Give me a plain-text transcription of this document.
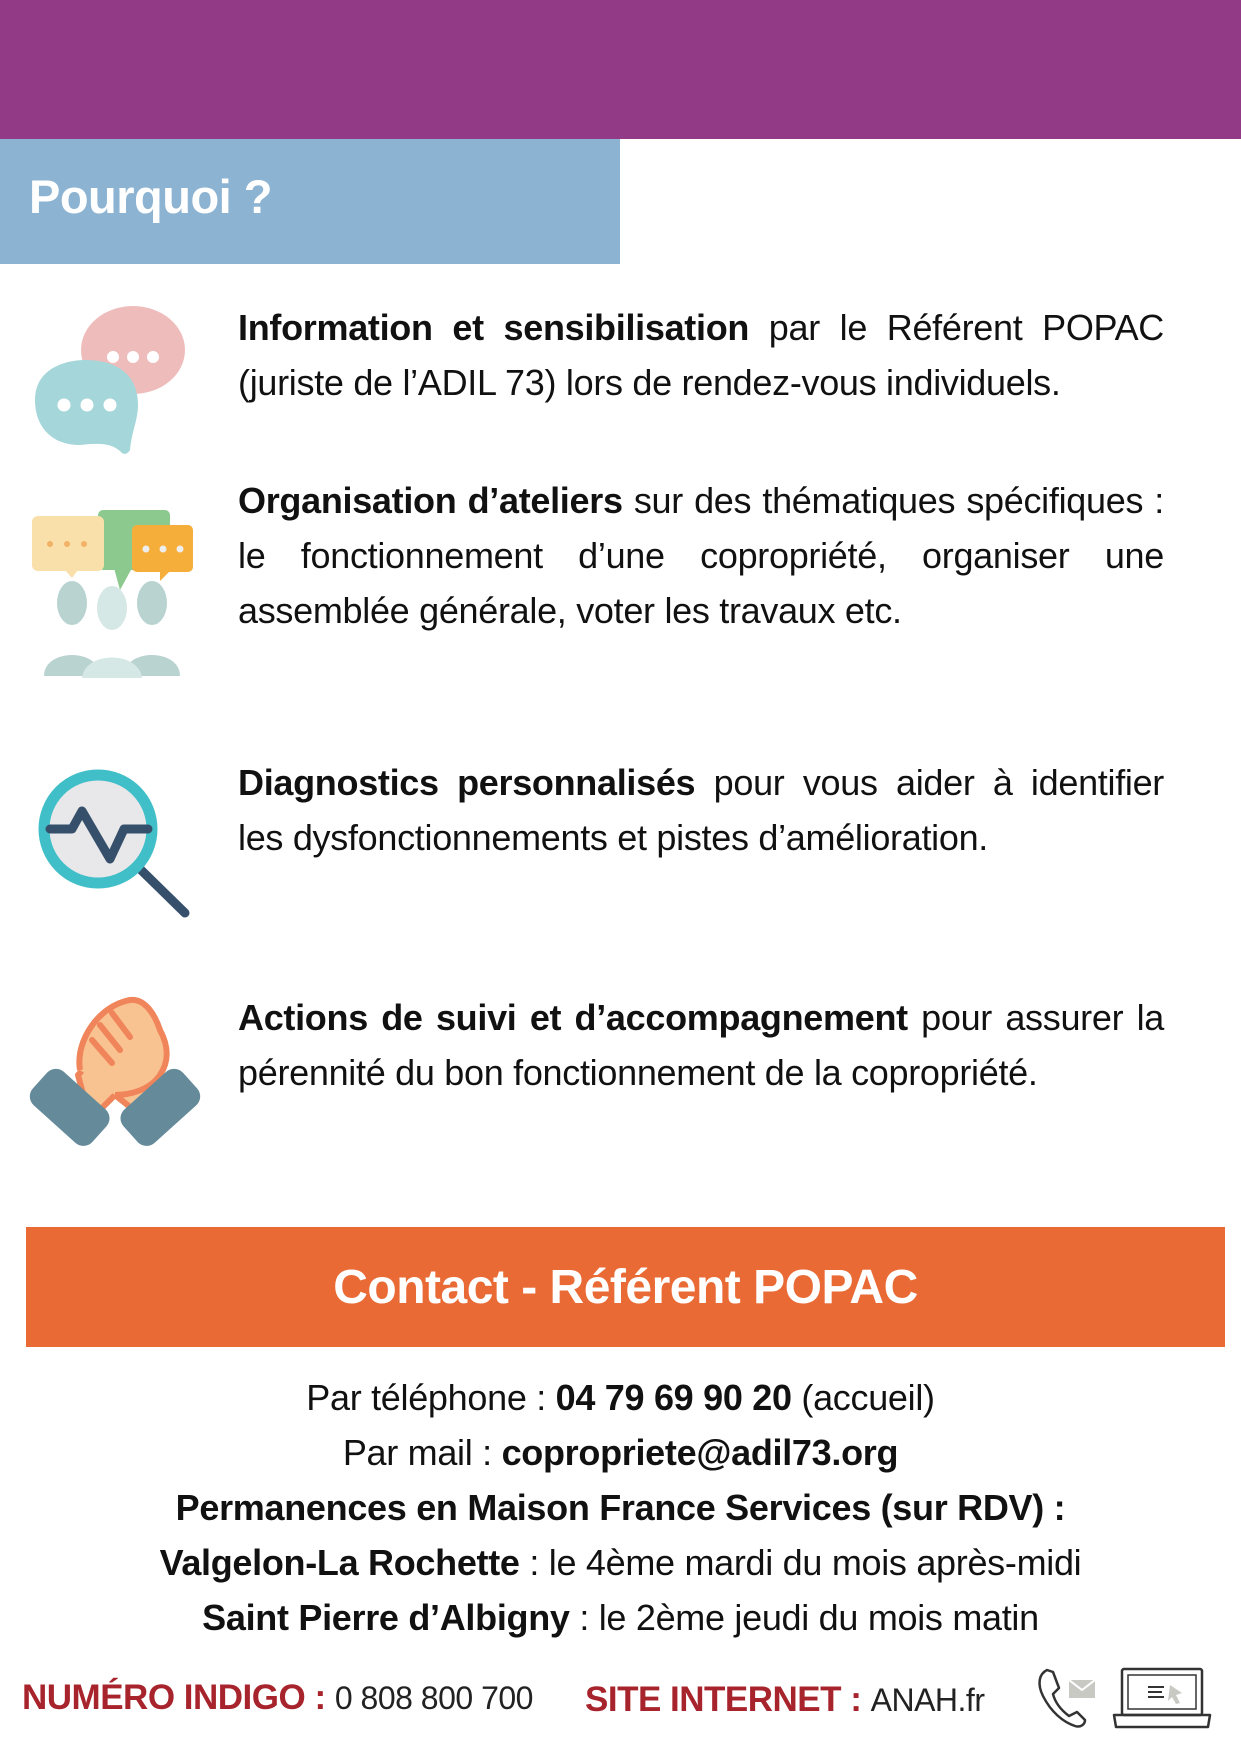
Pourquoi ?
Information et sensibilisation par le Référent POPAC (juriste de l’ADIL 73) lors de rendez-vous individuels.
Organisation d’ateliers sur des thématiques spécifiques : le fonctionnement d’une copropriété, organiser une assemblée générale, voter les travaux etc.
Diagnostics personnalisés pour vous aider à identifier les dysfonctionnements et pistes d’amélioration.
Actions de suivi et d’accompagnement pour assurer la pérennité du bon fonctionnement de la copropriété.
Contact - Référent POPAC
Par téléphone : 04 79 69 90 20 (accueil)
Par mail : copropriete@adil73.org
Permanences en Maison France Services (sur RDV) :
Valgelon-La Rochette : le 4ème mardi du mois après-midi
Saint Pierre d’Albigny : le 2ème jeudi du mois matin
NUMÉRO INDIGO : 0 808 800 700 SITE INTERNET : ANAH.fr
